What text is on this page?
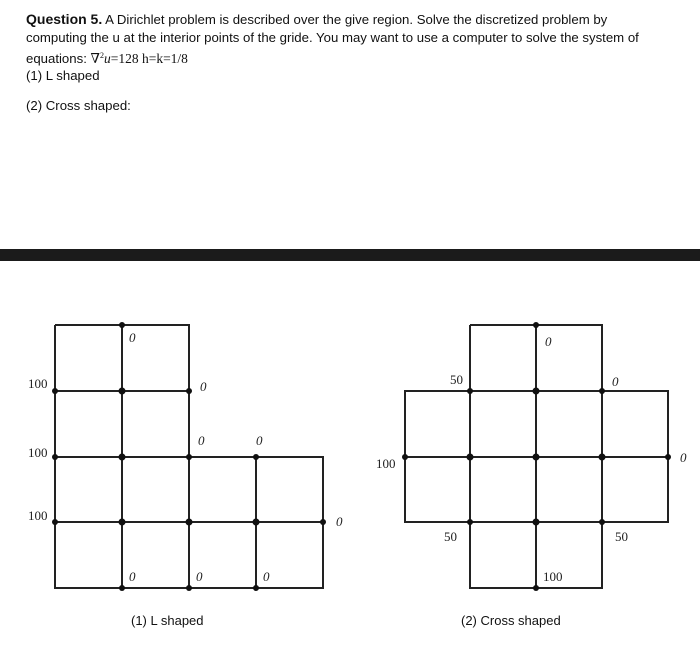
Question 5. A Dirichlet problem is described over the give region. Solve the discretized problem by
computing the u at the interior points of the gride. You may want to use a computer to solve the system of
equations: ∇$^2$u=128 h=k=1/8
(1) L shaped
(2) Cross shaped:
0
100	0
100
0	0
100	0
0	0	0
0
50	0
100	0
50	50
100
(1) L shaped	(2) Cross shaped
